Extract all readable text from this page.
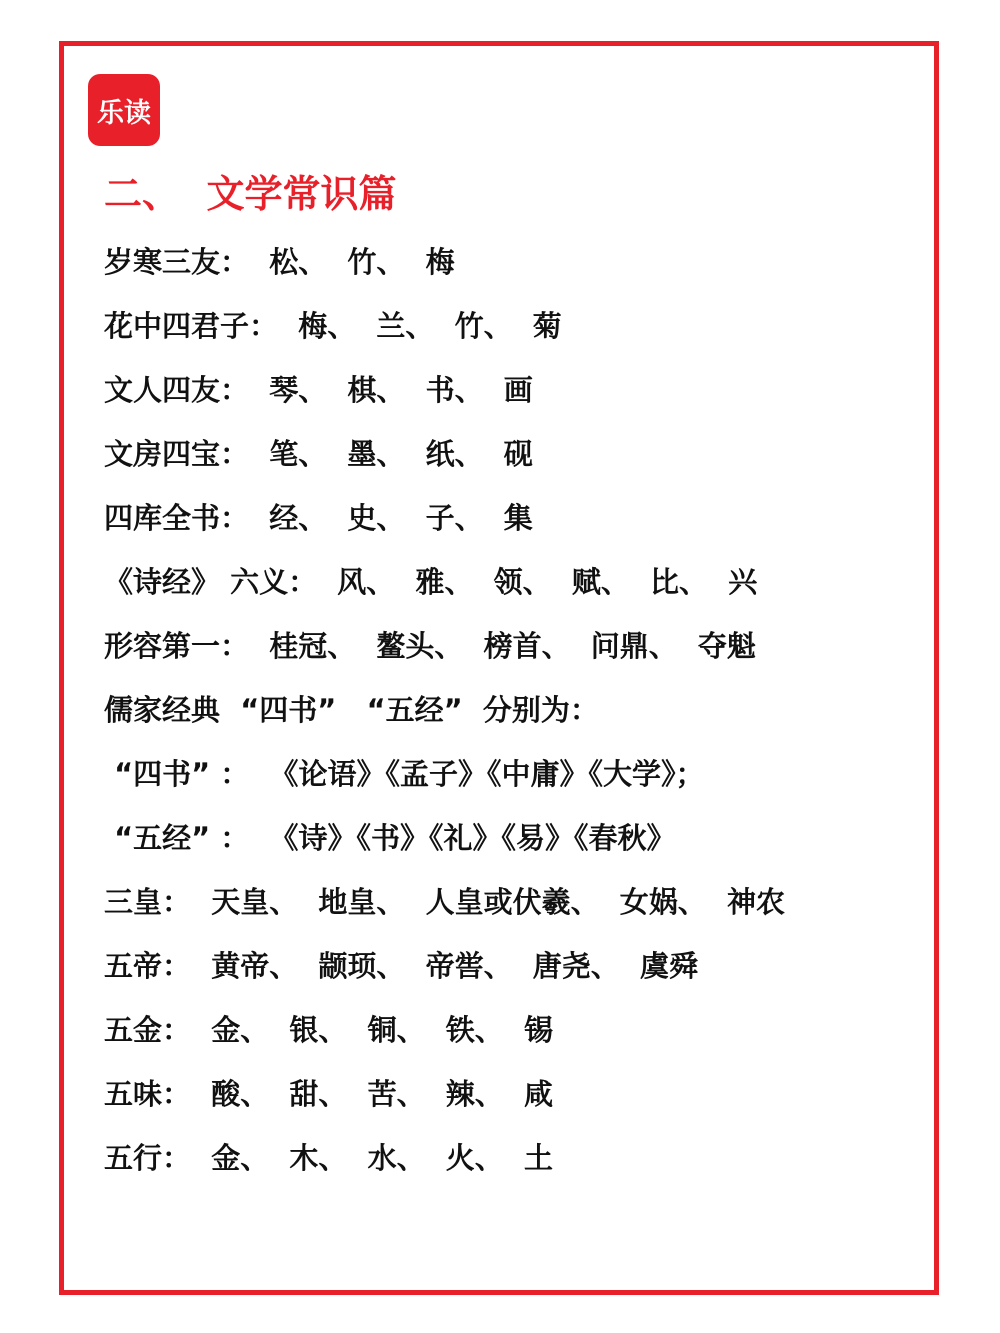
乐读
二、  文学常识篇
岁寒三友：  松、  竹、  梅
花中四君子：  梅、  兰、  竹、  菊
文人四友：  琴、  棋、  书、  画
文房四宝：  笔、  墨、  纸、  砚
四库全书：  经、  史、  子、  集
《诗经》 六义：  风、  雅、  领、  赋、  比、  兴
形容第一：  桂冠、  鳌头、  榜首、  问鼎、  夺魁
儒家经典  “四书”   “五经”  分别为：
“四书” ：  《论语》《孟子》《中庸》《大学》；
“五经” ：  《诗》《书》《礼》《易》《春秋》
三皇：  天皇、  地皇、  人皇或伏羲、  女娲、  神农
五帝：  黄帝、  颛顼、  帝喾、  唐尧、  虞舜
五金：  金、  银、  铜、  铁、  锡
五味：  酸、  甜、  苦、  辣、  咸
五行：  金、  木、  水、  火、  土
